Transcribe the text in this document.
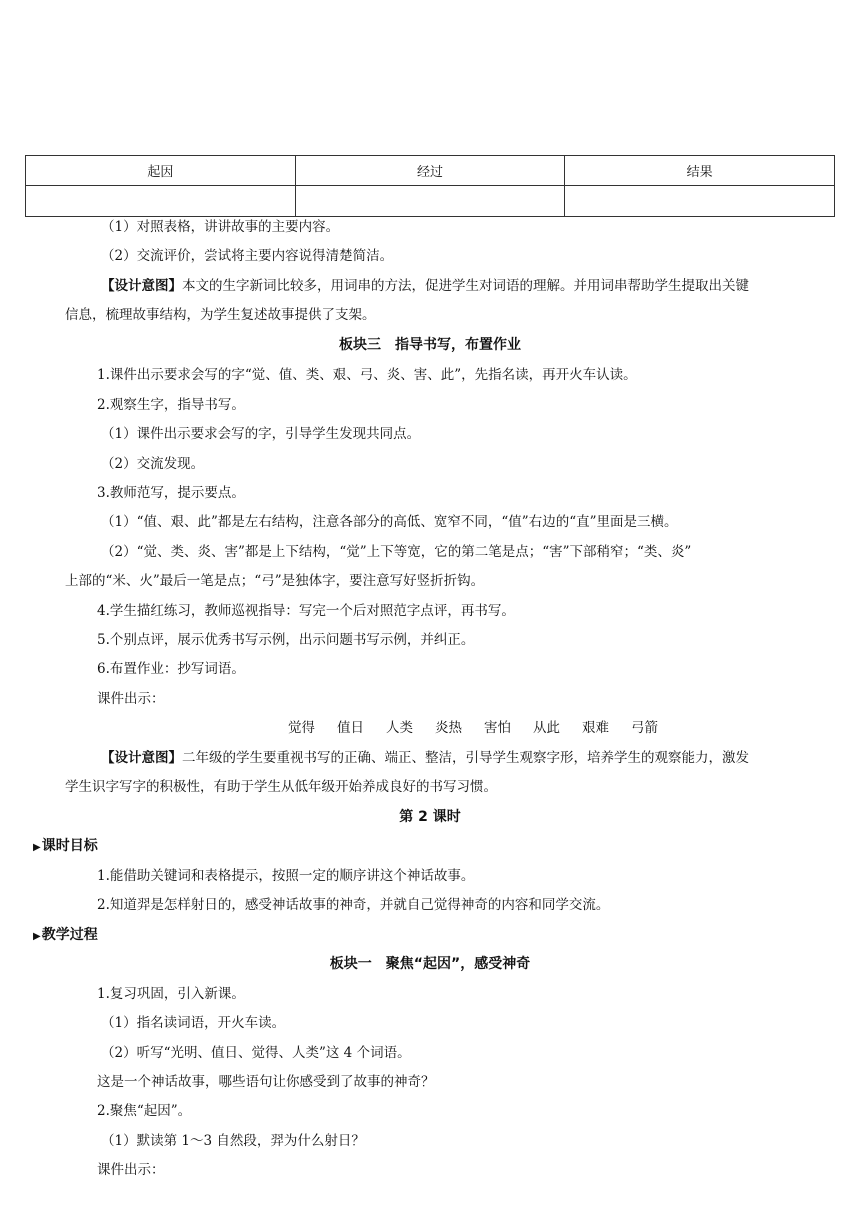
起因	经过	结果

（1）对照表格，讲讲故事的主要内容。
（2）交流评价，尝试将主要内容说得清楚简洁。
【设计意图】本文的生字新词比较多，用词串的方法，促进学生对词语的理解。并用词串帮助学生提取出关键
信息，梳理故事结构，为学生复述故事提供了支架。
板块三　指导书写，布置作业
1.课件出示要求会写的字“觉、值、类、艰、弓、炎、害、此”，先指名读，再开火车认读。
2.观察生字，指导书写。
（1）课件出示要求会写的字，引导学生发现共同点。
（2）交流发现。
3.教师范写，提示要点。
（1）“值、艰、此”都是左右结构，注意各部分的高低、宽窄不同，“值”右边的“直”里面是三横。
（2）“觉、类、炎、害”都是上下结构，“觉”上下等宽，它的第二笔是点；“害”下部稍窄；“类、炎”
上部的“米、火”最后一笔是点；“弓”是独体字，要注意写好竖折折钩。
4.学生描红练习，教师巡视指导：写完一个后对照范字点评，再书写。
5.个别点评，展示优秀书写示例，出示问题书写示例，并纠正。
6.布置作业：抄写词语。
课件出示：
觉得 值日 人类 炎热 害怕 从此 艰难 弓箭
【设计意图】二年级的学生要重视书写的正确、端正、整洁，引导学生观察字形，培养学生的观察能力，激发
学生识字写字的积极性，有助于学生从低年级开始养成良好的书写习惯。
第 2 课时
▶课时目标
1.能借助关键词和表格提示，按照一定的顺序讲这个神话故事。
2.知道羿是怎样射日的，感受神话故事的神奇，并就自己觉得神奇的内容和同学交流。
▶教学过程
板块一　聚焦“起因”，感受神奇
1.复习巩固，引入新课。
（1）指名读词语，开火车读。
（2）听写“光明、值日、觉得、人类”这 4 个词语。
这是一个神话故事，哪些语句让你感受到了故事的神奇？
2.聚焦“起因”。
（1）默读第 1～3 自然段，羿为什么射日？
课件出示：
